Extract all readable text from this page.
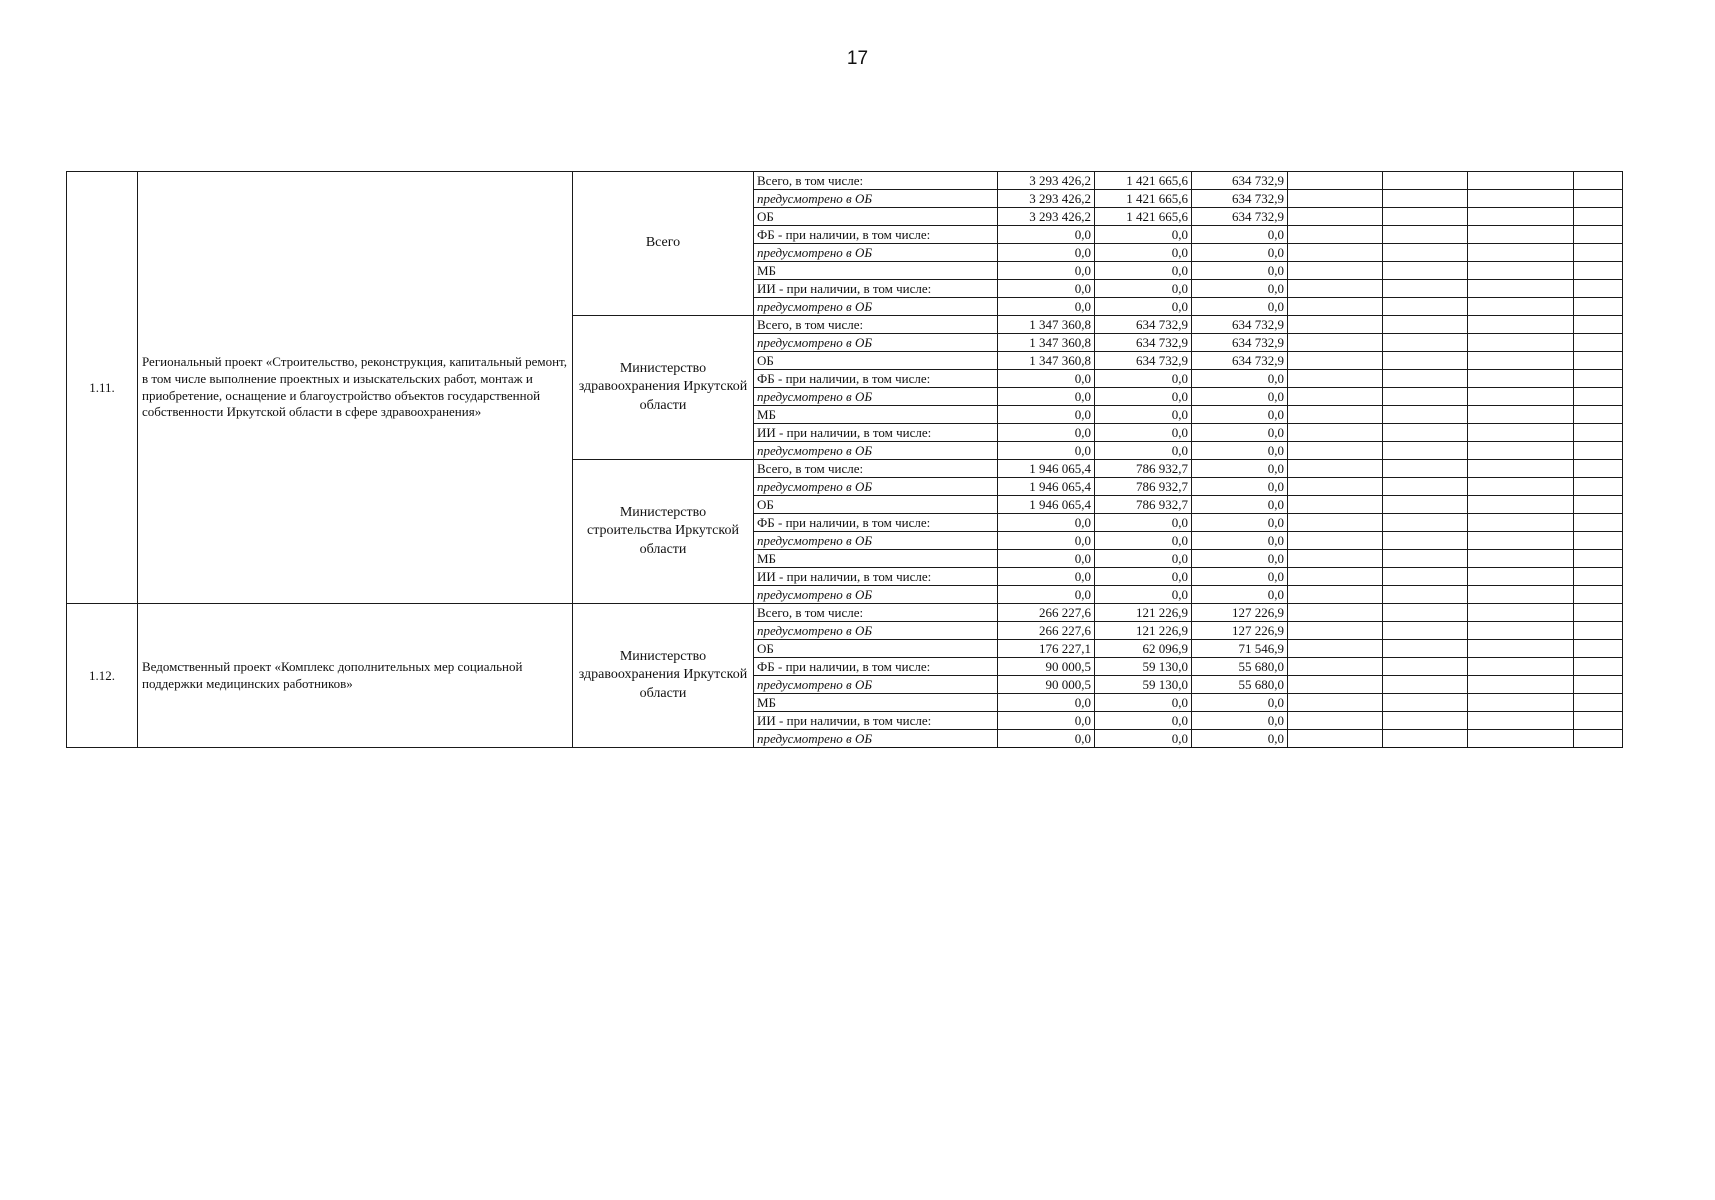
17
1.11.	Региональный проект «Строительство, реконструкция, капитальный ремонт, в том числе выполнение проектных и изыскательских работ, монтаж и приобретение, оснащение и благоустройство объектов государственной собственности Иркутской области в сфере здравоохранения»	Всего	Всего, в том числе:	3 293 426,2	1 421 665,6	634 732,9				
			предусмотрено в ОБ	3 293 426,2	1 421 665,6	634 732,9				
			ОБ	3 293 426,2	1 421 665,6	634 732,9				
			ФБ - при наличии, в том числе:	0,0	0,0	0,0				
			предусмотрено в ОБ	0,0	0,0	0,0				
			МБ	0,0	0,0	0,0				
			ИИ - при наличии, в том числе:	0,0	0,0	0,0				
			предусмотрено в ОБ	0,0	0,0	0,0				
		Министерство здравоохранения Иркутской области	Всего, в том числе:	1 347 360,8	634 732,9	634 732,9				
			предусмотрено в ОБ	1 347 360,8	634 732,9	634 732,9				
			ОБ	1 347 360,8	634 732,9	634 732,9				
			ФБ - при наличии, в том числе:	0,0	0,0	0,0				
			предусмотрено в ОБ	0,0	0,0	0,0				
			МБ	0,0	0,0	0,0				
			ИИ - при наличии, в том числе:	0,0	0,0	0,0				
			предусмотрено в ОБ	0,0	0,0	0,0				
		Министерство строительства Иркутской области	Всего, в том числе:	1 946 065,4	786 932,7	0,0				
			предусмотрено в ОБ	1 946 065,4	786 932,7	0,0				
			ОБ	1 946 065,4	786 932,7	0,0				
			ФБ - при наличии, в том числе:	0,0	0,0	0,0				
			предусмотрено в ОБ	0,0	0,0	0,0				
			МБ	0,0	0,0	0,0				
			ИИ - при наличии, в том числе:	0,0	0,0	0,0				
			предусмотрено в ОБ	0,0	0,0	0,0				
1.12.	Ведомственный проект «Комплекс дополнительных мер социальной поддержки медицинских работников»	Министерство здравоохранения Иркутской области	Всего, в том числе:	266 227,6	121 226,9	127 226,9				
			предусмотрено в ОБ	266 227,6	121 226,9	127 226,9				
			ОБ	176 227,1	62 096,9	71 546,9				
			ФБ - при наличии, в том числе:	90 000,5	59 130,0	55 680,0				
			предусмотрено в ОБ	90 000,5	59 130,0	55 680,0				
			МБ	0,0	0,0	0,0				
			ИИ - при наличии, в том числе:	0,0	0,0	0,0				
			предусмотрено в ОБ	0,0	0,0	0,0				
